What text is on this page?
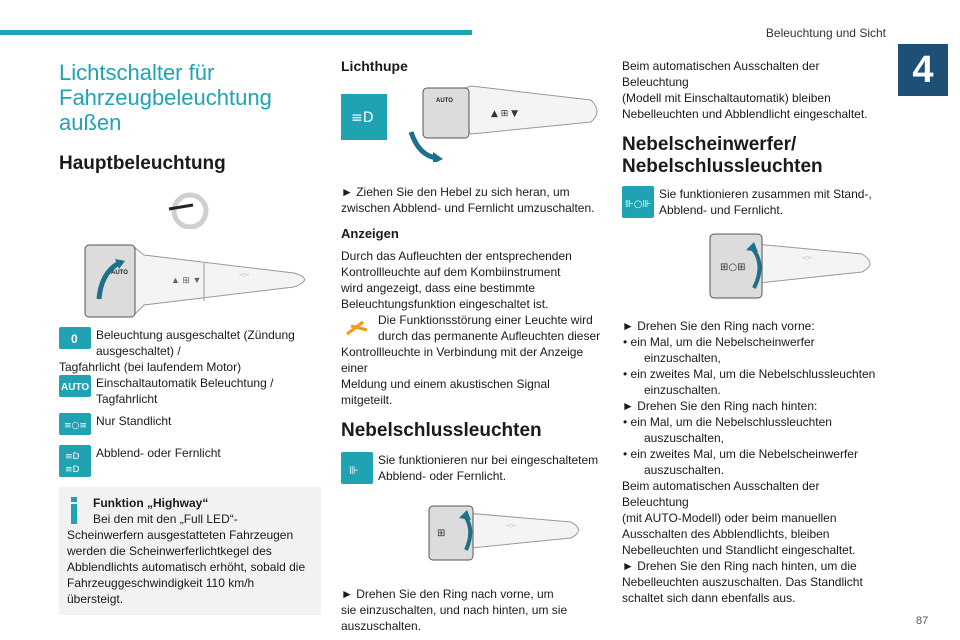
Beleuchtung und Sicht
4
87
Lichtschalter für
Fahrzeugbeleuchtung
außen
Hauptbeleuchtung
AUTO
▲ ⊞ ▼
‑○‑
0 Beleuchtung ausgeschaltet (Zündung
ausgeschaltet) /
Tagfahrlicht (bei laufendem Motor)
AUTO Einschaltautomatik Beleuchtung /
Tagfahrlicht
≡○≡ Nur Standlicht
≡D
≡D
Abblend- oder Fernlicht
Funktion „Highway“
Bei den mit den „Full LED“-
Scheinwerfern ausgestatteten Fahrzeugen
werden die Scheinwerferlichtkegel des
Abblendlichts automatisch erhöht, sobald die
Fahrzeuggeschwindigkeit 110 km/h übersteigt.
Lichthupe
≡D
AUTO
▲ ⊞ ▼
► Ziehen Sie den Hebel zu sich heran, um
zwischen Abblend- und Fernlicht umzuschalten.
Anzeigen
Durch das Aufleuchten der entsprechenden
Kontrollleuchte auf dem Kombiinstrument
wird angezeigt, dass eine bestimmte
Beleuchtungsfunktion eingeschaltet ist.
Die Funktionsstörung einer Leuchte wird
durch das permanente Aufleuchten dieser
Kontrollleuchte in Verbindung mit der Anzeige einer
Meldung und einem akustischen Signal mitgeteilt.
Nebelschlussleuchten
⊪
Sie funktionieren nur bei eingeschaltetem
Abblend- oder Fernlicht.
⊞
‑○‑
► Drehen Sie den Ring nach vorne, um
sie einzuschalten, und nach hinten, um sie
auszuschalten.
Beim automatischen Ausschalten der Beleuchtung
(Modell mit Einschaltautomatik) bleiben
Nebelleuchten und Abblendlicht eingeschaltet.
Nebelscheinwerfer/
Nebelschlussleuchten
⊪○⊪
Sie funktionieren zusammen mit Stand-,
Abblend- und Fernlicht.
⊞○⊞
‑○‑
► Drehen Sie den Ring nach vorne:
• ein Mal, um die Nebelscheinwerfer
einzuschalten,
• ein zweites Mal, um die Nebelschlussleuchten
einzuschalten.
► Drehen Sie den Ring nach hinten:
• ein Mal, um die Nebelschlussleuchten
auszuschalten,
• ein zweites Mal, um die Nebelscheinwerfer
auszuschalten.
Beim automatischen Ausschalten der Beleuchtung
(mit AUTO-Modell) oder beim manuellen
Ausschalten des Abblendlichts, bleiben
Nebelleuchten und Standlicht eingeschaltet.
► Drehen Sie den Ring nach hinten, um die
Nebelleuchten auszuschalten. Das Standlicht
schaltet sich dann ebenfalls aus.
